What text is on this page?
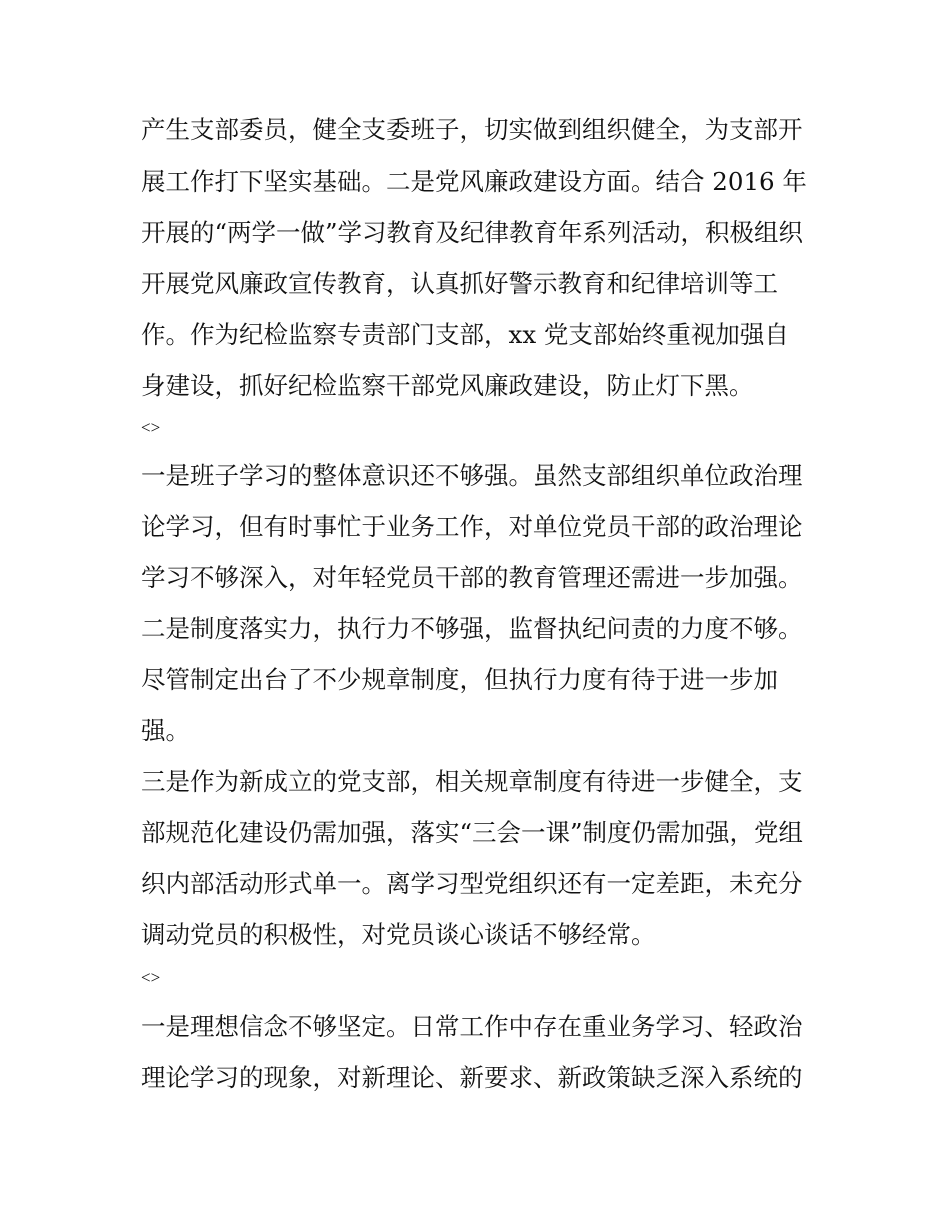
产生支部委员，健全支委班子，切实做到组织健全，为支部开

展工作打下坚实基础。二是党风廉政建设方面。结合 2016 年

开展的“两学一做”学习教育及纪律教育年系列活动，积极组织

开展党风廉政宣传教育，认真抓好警示教育和纪律培训等工

作。作为纪检监察专责部门支部，xx 党支部始终重视加强自

身建设，抓好纪检监察干部党风廉政建设，防止灯下黑。

<>

一是班子学习的整体意识还不够强。虽然支部组织单位政治理

论学习，但有时事忙于业务工作，对单位党员干部的政治理论

学习不够深入，对年轻党员干部的教育管理还需进一步加强。

二是制度落实力，执行力不够强，监督执纪问责的力度不够。

尽管制定出台了不少规章制度，但执行力度有待于进一步加

强。

三是作为新成立的党支部，相关规章制度有待进一步健全，支

部规范化建设仍需加强，落实“三会一课”制度仍需加强，党组

织内部活动形式单一。离学习型党组织还有一定差距，未充分

调动党员的积极性，对党员谈心谈话不够经常。

<>

一是理想信念不够坚定。日常工作中存在重业务学习、轻政治

理论学习的现象，对新理论、新要求、新政策缺乏深入系统的
